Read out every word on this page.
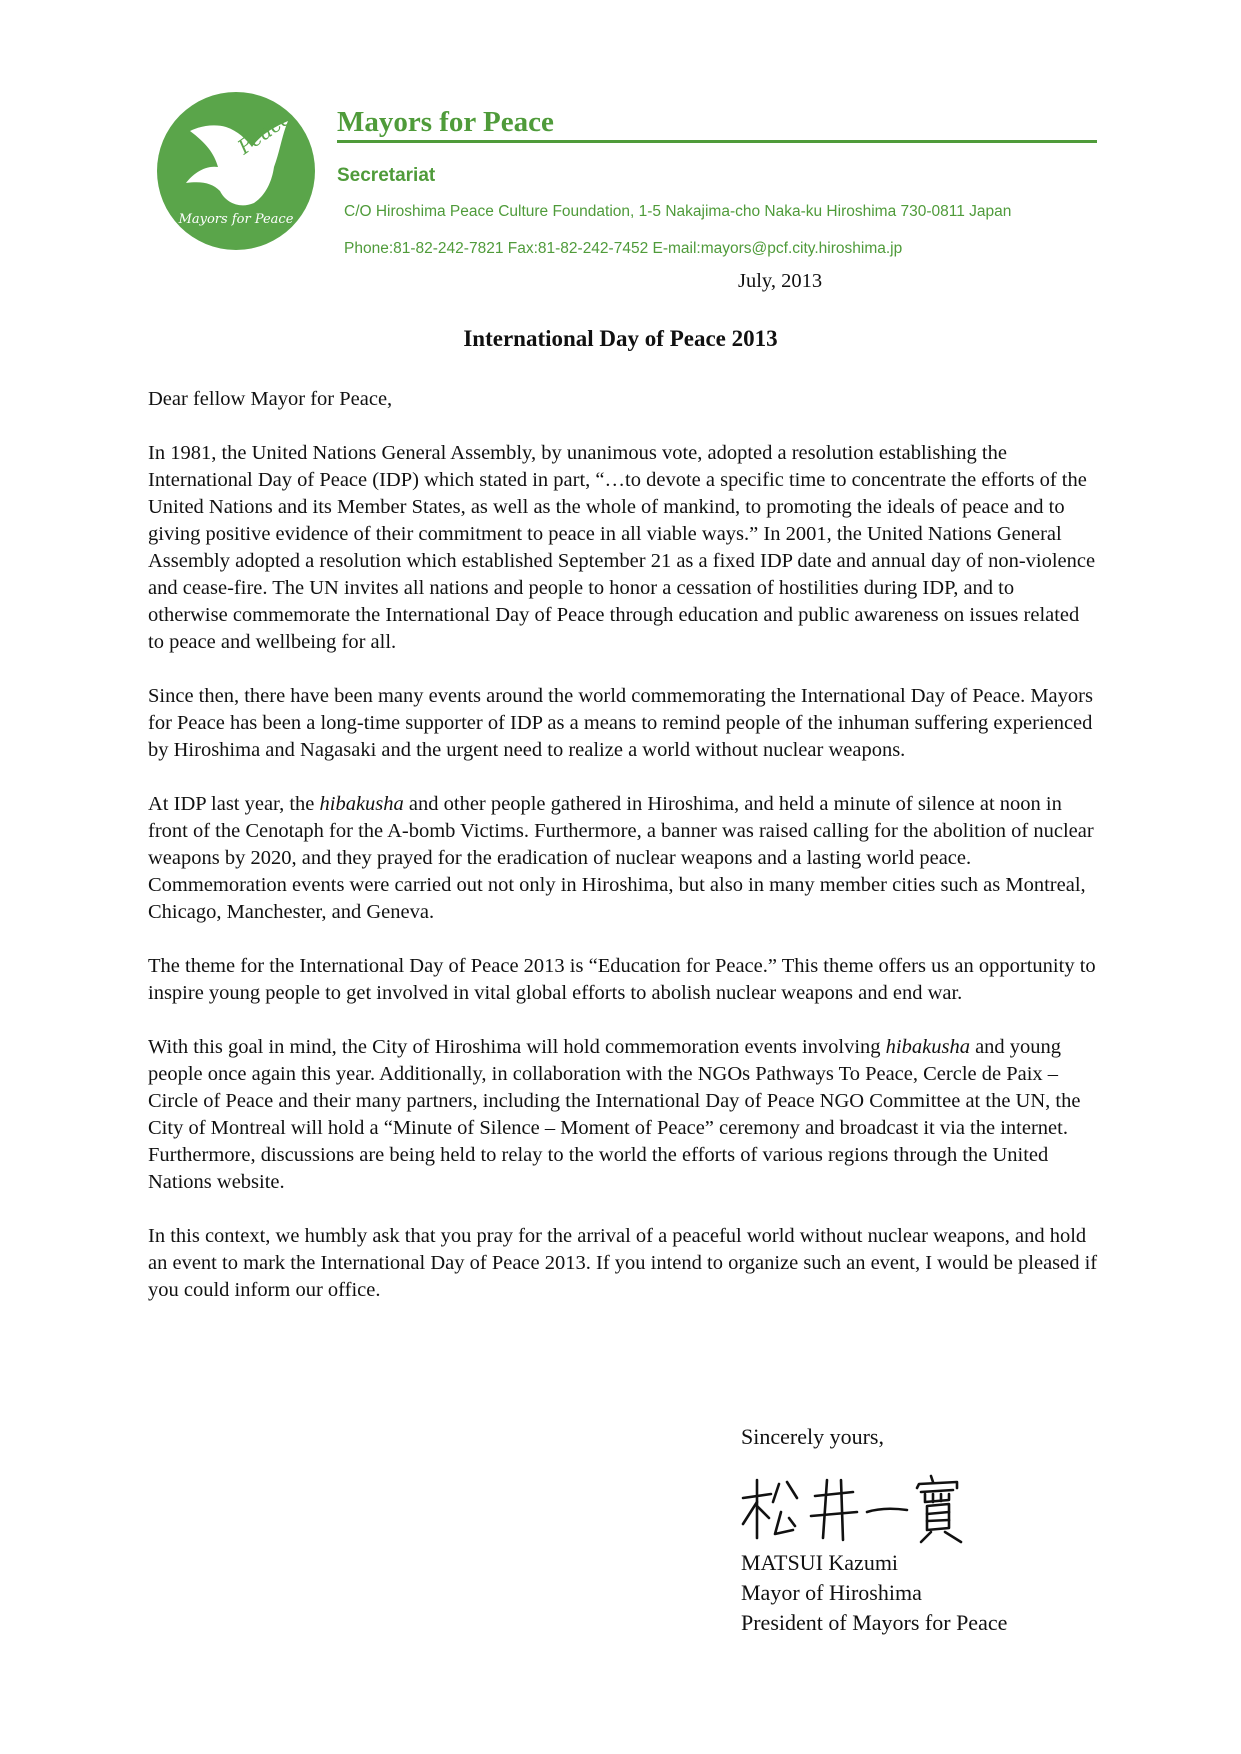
Peace
Mayors for Peace
Mayors for Peace
Secretariat
C/O Hiroshima Peace Culture Foundation, 1-5 Nakajima-cho Naka-ku Hiroshima 730-0811 Japan
Phone:81-82-242-7821 Fax:81-82-242-7452 E-mail:mayors@pcf.city.hiroshima.jp
July, 2013
International Day of Peace 2013

Dear fellow Mayor for Peace,

In 1981, the United Nations General Assembly, by unanimous vote, adopted a resolution establishing the International Day of Peace (IDP) which stated in part, “…to devote a specific time to concentrate the efforts of the United Nations and its Member States, as well as the whole of mankind, to promoting the ideals of peace and to giving positive evidence of their commitment to peace in all viable ways.” In 2001, the United Nations General Assembly adopted a resolution which established September 21 as a fixed IDP date and annual day of non-violence and cease-fire. The UN invites all nations and people to honor a cessation of hostilities during IDP, and to otherwise commemorate the International Day of Peace through education and public awareness on issues related to peace and wellbeing for all.

Since then, there have been many events around the world commemorating the International Day of Peace. Mayors for Peace has been a long-time supporter of IDP as a means to remind people of the inhuman suffering experienced by Hiroshima and Nagasaki and the urgent need to realize a world without nuclear weapons.

At IDP last year, the hibakusha and other people gathered in Hiroshima, and held a minute of silence at noon in front of the Cenotaph for the A-bomb Victims. Furthermore, a banner was raised calling for the abolition of nuclear weapons by 2020, and they prayed for the eradication of nuclear weapons and a lasting world peace. Commemoration events were carried out not only in Hiroshima, but also in many member cities such as Montreal, Chicago, Manchester, and Geneva.

The theme for the International Day of Peace 2013 is “Education for Peace.” This theme offers us an opportunity to inspire young people to get involved in vital global efforts to abolish nuclear weapons and end war.

With this goal in mind, the City of Hiroshima will hold commemoration events involving hibakusha and young people once again this year. Additionally, in collaboration with the NGOs Pathways To Peace, Cercle de Paix – Circle of Peace and their many partners, including the International Day of Peace NGO Committee at the UN, the City of Montreal will hold a “Minute of Silence – Moment of Peace” ceremony and broadcast it via the internet. Furthermore, discussions are being held to relay to the world the efforts of various regions through the United Nations website.

In this context, we humbly ask that you pray for the arrival of a peaceful world without nuclear weapons, and hold an event to mark the International Day of Peace 2013. If you intend to organize such an event, I would be pleased if you could inform our office.

Sincerely yours,
MATSUI Kazumi
Mayor of Hiroshima
President of Mayors for Peace
